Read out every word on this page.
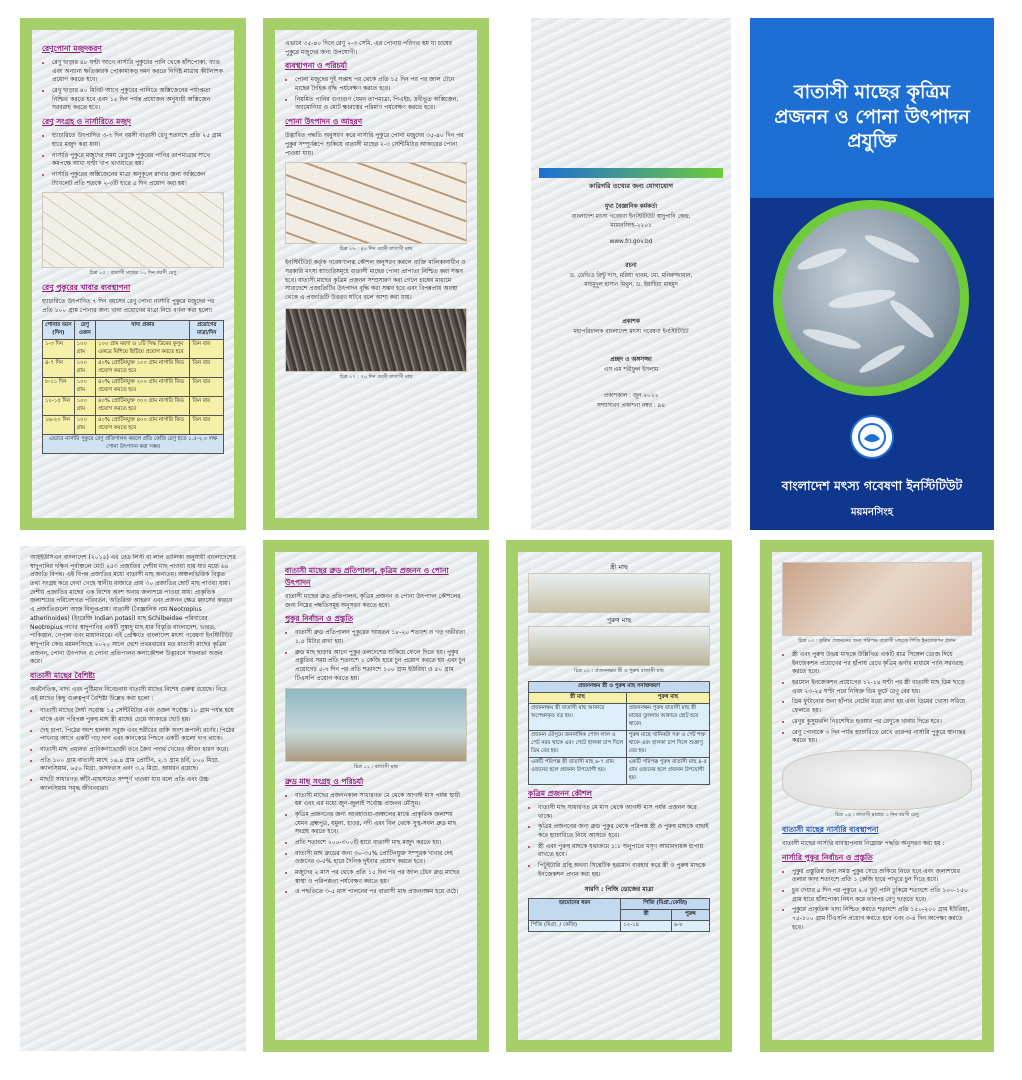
রেণুপোনা মজুদকরণ
• রেণু ছাড়ার ৪৮ ঘণ্টা আগে নার্সারি পুকুরের পানি থেকে হাঁসপোকা, ব্যাঙ এবং অন্যান্য ক্ষতিকারক পোকামাকড় দমন করতে নির্দিষ্ট মাত্রায় কীটনাশক প্রয়োগ করতে হবে।
• রেণু ছাড়ার ৪০ মিনিট আগে পুকুরের পানিতে অক্সিজেনের পর্যাপ্ততা নিশ্চিত করতে হবে এবং ১৫ দিন পর্যন্ত প্রয়োজন অনুযায়ী অক্সিজেন সরবরাহ করতে হবে।
রেণু সংগ্রহ ও নার্সারিতে মজুদ
• হ্যাচারিতে উৎপাদিত ৩-৭ দিন বয়সী বাতাসী রেণু শতাংশে প্রতি ২৫ গ্রাম হারে মজুদ করা যায়।
• নার্সারি পুকুরে মজুদের সময় রেণুকে পুকুরের পানির তাপমাত্রার সাথে কমপক্ষে আধা ঘণ্টা খাপ খাওয়াতে হয়।
• নার্সারি পুকুরের অক্সিজেনের মাত্রা অনুকূলে রাখার জন্য অক্সিজেন ট্যাবলেট প্রতি শতকে ২-৩টি হারে ৫ দিন প্রয়োগ করা হয়।
চিত্র ০৫ : বাতাসী মাছের ১০ দিন বয়সী রেণু
রেণু পুকুরের খাবার ব্যবস্থাপনা

হ্যাচারিতে উৎপাদিত ৭ দিন বয়সের রেণু পোনা নার্সারি পুকুরে মজুদের পর প্রতি ১০০ গ্রাম পোনার জন্য খাদ্য প্রয়োগের মাত্রা নিচে বর্ণনা করা হলো।

পোনার বয়স (দিন)	রেণু ওজন	খাদ্য প্রকার	প্রয়োগের মাত্রা/দিন
১-৩ দিন	১০০ গ্রাম	১০০ গ্রাম ময়দা ও ১টি সিদ্ধ ডিমের কুসুম একত্রে মিশিয়ে ছিটিয়ে প্রয়োগ করতে হবে	তিন বার
৪-৭ দিন	১০০ গ্রাম	৪০% প্রোটিনযুক্ত ১০০ গ্রাম নার্সারি ফিড প্রয়োগ করতে হবে	তিন বার
৮-১১ দিন	১০০ গ্রাম	৪০% প্রোটিনযুক্ত ২০০ গ্রাম নার্সারি ফিড প্রয়োগ করতে হবে	তিন বার
১২-১৫ দিন	১০০ গ্রাম	৪০% প্রোটিনযুক্ত ৩০০ গ্রাম নার্সারি ফিড প্রয়োগ করতে হবে	তিন বার
১৬-২০ দিন	১০০ গ্রাম	৪০% প্রোটিনযুক্ত ৪০০ গ্রাম নার্সারি ফিড প্রয়োগ করতে হবে	তিন বার
এভাবে নার্সারি পুকুরে রেণু প্রতিপালন করলে প্রতি কেজি রেণু হতে ১.৫-২.০ লক্ষ পোনা উৎপাদন করা সম্ভব			

এভাবে ৩৫-৪০ দিনে রেণু ২-৩ সেমি. এর পোনায় পরিণত হয় যা চাষের পুকুরে মজুদের জন্য উপযোগী।

ব্যবস্থাপনা ও পরিচর্যা
• পোনা মজুদের দুই সপ্তাহ পর থেকে প্রতি ১৫ দিন পর পর জাল টেনে মাছের দৈহিক বৃদ্ধি পর্যবেক্ষণ করতে হবে।
• নিয়মিত পানির গুণাগুণ যেমন তাপমাত্রা, পিএইচ, দ্রবীভূত অক্সিজেন, অ্যামোনিয়া ও মোট ক্ষারত্বের পরিমাণ পর্যবেক্ষণ করতে হবে।
পোনা উৎপাদন ও আহরণ

উদ্ভাবিত পদ্ধতি অনুসরণ করে নার্সারি পুকুরে পোনা মজুদের ৩৫-৪০ দিন পর পুকুর সম্পূর্ণরূপে শুকিয়ে বাতাসী মাছের ২-৩ সেন্টিমিটার আকারের পোনা পাওয়া যায়।

চিত্র ০৬ : ৪০ দিন বয়সী বাতাসী মাছ

ইনস্টিটিউট কর্তৃক গবেষণালব্ধ কৌশল অনুসরণ করলে ব্যক্তি মালিকানাধীন ও সরকারি মৎস্য হ্যাচারিসমূহে বাতাসী মাছের পোনা প্রাপ্যতা নিশ্চিত করা সম্ভব হবে। বাতাসী মাছের কৃত্রিম প্রজনন সম্প্রসারণ করা গেলে চাষের মাধ্যমে সারাদেশে প্রজাতিটির উৎপাদন বৃদ্ধি করা সম্ভব হবে এবং বিপন্নপ্রায় অবস্থা থেকে এ প্রজাতিটি উত্তরণ ঘটবে বলে আশা করা যায়।

চিত্র ০৭ : ৭০ দিন বয়সী বাতাসী মাছ
কারিগরি তথ্যের জন্য যোগাযোগ
মুখ্য বৈজ্ঞানিক কর্মকর্তা
বাংলাদেশ মৎস্য গবেষণা ইনস্টিটিউট স্বাদুপানি কেন্দ্র, ময়মনসিংহ-২২০১
www.fri.gov.bd
রচনা
ড. ডেভিড রিন্টু দাস, মরিয়া খানম, মো. মনিরুজ্জামান, মাহমুদুল হাসান মিথুন, ড. ইয়াহিয়া মাহমুদ
প্রকাশক
মহাপরিচালক বাংলাদেশ মৎস্য গবেষণা ইনস্টিটিউট
প্রচ্ছদ ও অঙ্গসজ্জা
এস এম শরীফুল ইসলাম
প্রকাশকাল : জুন ২০২২
সম্প্রসারণ প্রকাশনা নম্বর : ৯৪
বাতাসী মাছের কৃত্রিম প্রজনন ও পোনা উৎপাদন প্রযুক্তি
বাংলাদেশ মৎস্য গবেষণা ইনস্টিটিউট
ময়মনসিংহ

আইইউসিএন বাংলাদেশ (২০১৫) এর রেড লিস্ট বা লাল তালিকা অনুযায়ী বাংলাদেশের স্বাদুপানির দক্ষিণ পূর্বাঞ্চলে মোট ২৫৩ প্রজাতির দেশীয় মাছ পাওয়া যায় যার মধ্যে ৬৪ প্রজাতি বিপন্ন। এই বিপন্ন প্রজাতির মধ্যে বাতাসী মাছ অন্যতম। অঞ্চলভিত্তিক বিস্তৃত তথ্য সংগ্রহ করে দেখা গেছে স্থানীয় বাজারে প্রায় ৩০ প্রজাতির ছোট মাছ পাওয়া যায়। দেশীয় প্রজাতির মাছের এক বিশেষ অংশ অবাধ জলাশয়ে পাওয়া যায়। প্রাকৃতিক জলাশয়ের পরিবেশগত পরিবর্তন, অতিরিক্ত আহরণ এবং প্রজনন ক্ষেত্র ধ্বংসের কারণে এ প্রজাতিগুলো আজ বিলুপ্তপ্রায়। বাতাসী (বৈজ্ঞানিক নাম Neotropius atherinoides) (ইংরেজি Indian potasi) মাছ Schilbeidae পরিবারের Neotropius গণের স্বাদুপানির একটি সুস্বাদু মাছ যার বিস্তৃতি বাংলাদেশ, ভারত, পাকিস্তান, নেপাল এবং মায়ানমারে। এই প্রেক্ষিতে বাংলাদেশ মৎস্য গবেষণা ইনস্টিটিউট স্বাদুপানি কেন্দ্র ময়মনসিংহে ২০২০ সালে দেশে প্রথমবারের মত বাতাসী মাছের কৃত্রিম প্রজনন, পোনা উৎপাদন ও পোনা প্রতিপালন কলাকৌশল উদ্ভাবনে সফলতা অর্জন করে।

বাতাসী মাছের বৈশিষ্ট্য

অর্থনৈতিক, খাদ্য এবং পুষ্টিমান বিবেচনায় বাতাসী মাছের বিশেষ গুরুত্ব রয়েছে। নিচে এই মাছের কিছু গুরুত্বপূর্ণ বৈশিষ্ট্য উল্লেখ করা হলো :

• বাতাসী মাছের দৈর্ঘ্য সর্বোচ্চ ১৫ সেন্টিমিটার এবং ওজন সর্বোচ্চ ১৮ গ্রাম পর্যন্ত হয়ে থাকে এবং পরিপক্ক পুরুষ মাছ স্ত্রী মাছের চেয়ে আকারে ছোট হয়।
• দেহ চাপা, পিঠের অংশ হালকা সবুজ এবং শরীরের বাকি অংশ রূপালী বর্ণের। পিঠের পাখনার আগে একটি গাঢ় দাগ এবং কানকোর পিছনে একটি কালো দাগ থাকে।
• বাতাসী মাছ প্রধানত প্রাণিকণাভোজী তবে জৈব পদার্থ খেয়েও জীবন ধারণ করে।
• প্রতি ১০০ গ্রাম বাতাসী মাছে ১৬.৪ গ্রাম প্রোটিন, ২.১ গ্রাম চর্বি, ৮০০ মিগ্রা. ক্যালসিয়াম, ৬৫০ মিগ্রা. ফসফরাস এবং ৩.২ মিগ্রা. আয়রন রয়েছে।
• মাছটি সাধারণত কাঁটা-মাছসমেত সম্পূর্ণ খাওয়া যায় বলে প্রতি এবং উচ্চ ক্যালসিয়াম সমৃদ্ধ জীবনধারা।
বাতাসী মাছের ব্রুড প্রতিপালন, কৃত্রিম প্রজনন ও পোনা উৎপাদন

বাতাসী মাছের ব্রুড প্রতিপালন, কৃত্রিম প্রজনন ও পোনা উৎপাদন কৌশলের জন্য নিম্নের পদ্ধতিসমূহ অনুসরণ করতে হবে।

পুকুর নির্বাচন ও প্রস্তুতি
• বাতাসী ব্রুড প্রতিপালন পুকুরের আয়তন ১৮-২০ শতাংশ ও গড় গভীরতা ১.৫ মিটার রাখা হয়।
• ব্রুড মাছ ছাড়ার আগে পুকুর তলদেশের শুকিয়ে ফেলে দিতে হয়। পুকুর প্রস্তুতির সময় প্রতি শতাংশে ১ কেজি হারে চুন প্রয়োগ করতে হয় এবং চুন প্রয়োগের ৫-৭ দিন পর প্রতি শতাংশে ১০০ গ্রাম ইউরিয়া ও ৫০ গ্রাম টিএসপি প্রয়োগ করতে হয়।
চিত্র ০১ : বাতাসী মাছ
ব্রুড মাছ সংগ্রহ ও পরিচর্যা
• বাতাসী মাছের প্রজননকাল সাধারণত মে থেকে আগস্ট মাস পর্যন্ত স্থায়ী হয় এবং এর মধ্যে জুন-জুলাই সর্বোচ্চ প্রজনন মৌসুম।
• কৃত্রিম প্রজননের জন্য আবহাওয়া-অঞ্চলের মাঝে প্রাকৃতিক জলাশয় যেমন ব্রহ্মপুত্র, যমুনা, হাওর, নদী এবং বিল থেকে সুস্থ-সবল ব্রুড মাছ সংগ্রহ করতে হবে।
• প্রতি শতাংশে ২০০-৩০০টি হারে বাতাসী মাছ মজুদ করতে হয়।
• বাতাসী মাছ ব্রুডের জন্য ৩০-৩৫% প্রোটিনযুক্ত সম্পূরক খাবার দেহ ওজনের ৩-৫% হারে দৈনিক দুইবার প্রয়োগ করতে হবে।
• মজুদের ২ মাস পর থেকে প্রতি ১৫ দিন পর পর জাল টেনে ব্রুড মাছের স্বাস্থ্য ও পরিপক্কতা পর্যবেক্ষণ করতে হয়।
• এ পদ্ধতিতে ৩-৫ মাস পালনের পর বাতাসী মাছ প্রজননক্ষম হয়ে ওঠে।
স্ত্রী মাছ
পুরুষ মাছ
চিত্র ০২ : প্রজননক্ষম স্ত্রী ও পুরুষ বাতাসী মাছ
প্রজননক্ষম স্ত্রী ও পুরুষ মাছ সনাক্তকরণ	
স্ত্রী মাছ	পুরুষ মাছ
প্রজননক্ষম স্ত্রী বাতাসী মাছ আকারে অপেক্ষাকৃত বড় হয়।	প্রজননক্ষম পুরুষ বাতাসী মাছ স্ত্রী মাছের তুলনায় আকারে ছোট হয়ে থাকে।
প্রজনন মৌসুমে জননাঙ্গিক পোল লাল ও পেট নরম থাকে এবং পেটে হালকা চাপ দিলে ডিম বের হয়।	পুরুষ মাছে খানিকটা সরু ও পেট শক্ত থাকে এবং হালকা চাপ দিলে শুক্রাণু বের হয়।
একটি পরিপক্ক স্ত্রী বাতাসী মাছ ৬-৭ গ্রাম ওজনের হলে প্রজনন উপযোগী হয়।	একটি পরিপক্ক পুরুষ বাতাসী মাছ ৪-৫ গ্রাম ওজনের হলে প্রজনন উপযোগী হয়।
কৃত্রিম প্রজনন কৌশল
• বাতাসী মাছ সাধারণত মে মাস থেকে আগস্ট মাস পর্যন্ত প্রজনন করে থাকে।
• কৃত্রিম প্রজননের জন্য ব্রুড পুকুর থেকে পরিপক্ক স্ত্রী ও পুরুষ মাছকে বাছাই করে হ্যাচারিতে নিয়ে আসতে হবে।
• স্ত্রী এবং পুরুষ মাছকে যথাক্রমে ১:১ অনুপাতে মসৃণ আরামদায়ক হাপায় রাখতে হবে।
• পিটুইটারি গ্রন্থি অথবা সিন্থেটিক হরমোন ব্যবহার করে স্ত্রী ও পুরুষ মাছকে ইনজেকশন প্রদান করা হয়।
সারণি : পিজি ডোজের মাত্রা
হরমোনের ধরন	পিজি (মিগ্রা./কেজি)	
	স্ত্রী	পুরুষ
পিজি (মিগ্রা. / কেজি)	১২-১৪	৬-৮
চিত্র ০৩ : কৃত্রিম প্রজননের জন্য পরিপক্ক বাতাসী মাছকে পিজি ইনজেকশন প্রদান
• স্ত্রী এবং পুরুষ উভয় মাছকে উল্লিখিত একটি মাত্র সিঙ্গেল ডোজ দিয়ে ইনজেকশন প্রয়োগের পর হাঁপায় রেখে কৃত্রিম ঝর্ণার মাধ্যমে পানি সরবরাহ করতে হবে।
• হরমোন ইনজেকশন প্রয়োগের ১২-১৪ ঘণ্টা পর স্ত্রী বাতাসী মাছ ডিম ছাড়ে এবং ২৩-২৫ ঘণ্টা পরে নিষিক্ত ডিম ফুটে রেণু বের হয়।
• ডিম ফুটানোর জন্য হাঁপার নেটের মধ্যে রাখা হয় এবং ডিমের খোসা সরিয়ে ফেলতে হয়।
• রেণুর কুসুমথলি নিঃশেষিত হওয়ার পর রেণুকে খাবার দিতে হবে।
• রেণু পোনাকে ৩ দিন পর্যন্ত হ্যাচারিতে রেখে তারপর নার্সারি পুকুরে স্থানান্তর করতে হয়।
চিত্র ০৪ : বাতাসী মাছের ৩ দিন বয়সী রেণু
বাতাসী মাছের নার্সারি ব্যবস্থাপনা

বাতাসী মাছের নার্সারি ব্যবস্থাপনায় নিম্নোক্ত পদ্ধতি অনুসরণ করা হয় :

নার্সারি পুকুর নির্বাচন ও প্রস্তুতি
• পুকুর প্রস্তুতির জন্য সমস্ত পুকুর সেচে শুকিয়ে নিতে হবে এবং জলাশয়ের তলার কাদা শতাংশে প্রতি ১ কেজি হারে পাথুরে চুন দিতে হবে।
• চুন দেয়ার ৫ দিন পর পুকুরে ২.৫ ফুট পানি ঢুকিয়ে শতাংশে প্রতি ১০০-১৫০ গ্রাম হারে হাঁসপোকা নিধন করে তারপর রেণু ছাড়তে হবে।
• পুকুরে প্রাকৃতিক খাদ্য নিশ্চিত করতে শতাংশে প্রতি ১৫০-২০০ গ্রাম ইউরিয়া, ৭৫-১০০ গ্রাম টিএসপি প্রয়োগ করতে হবে এবং ৩-৪ দিন অপেক্ষা করতে হবে।
